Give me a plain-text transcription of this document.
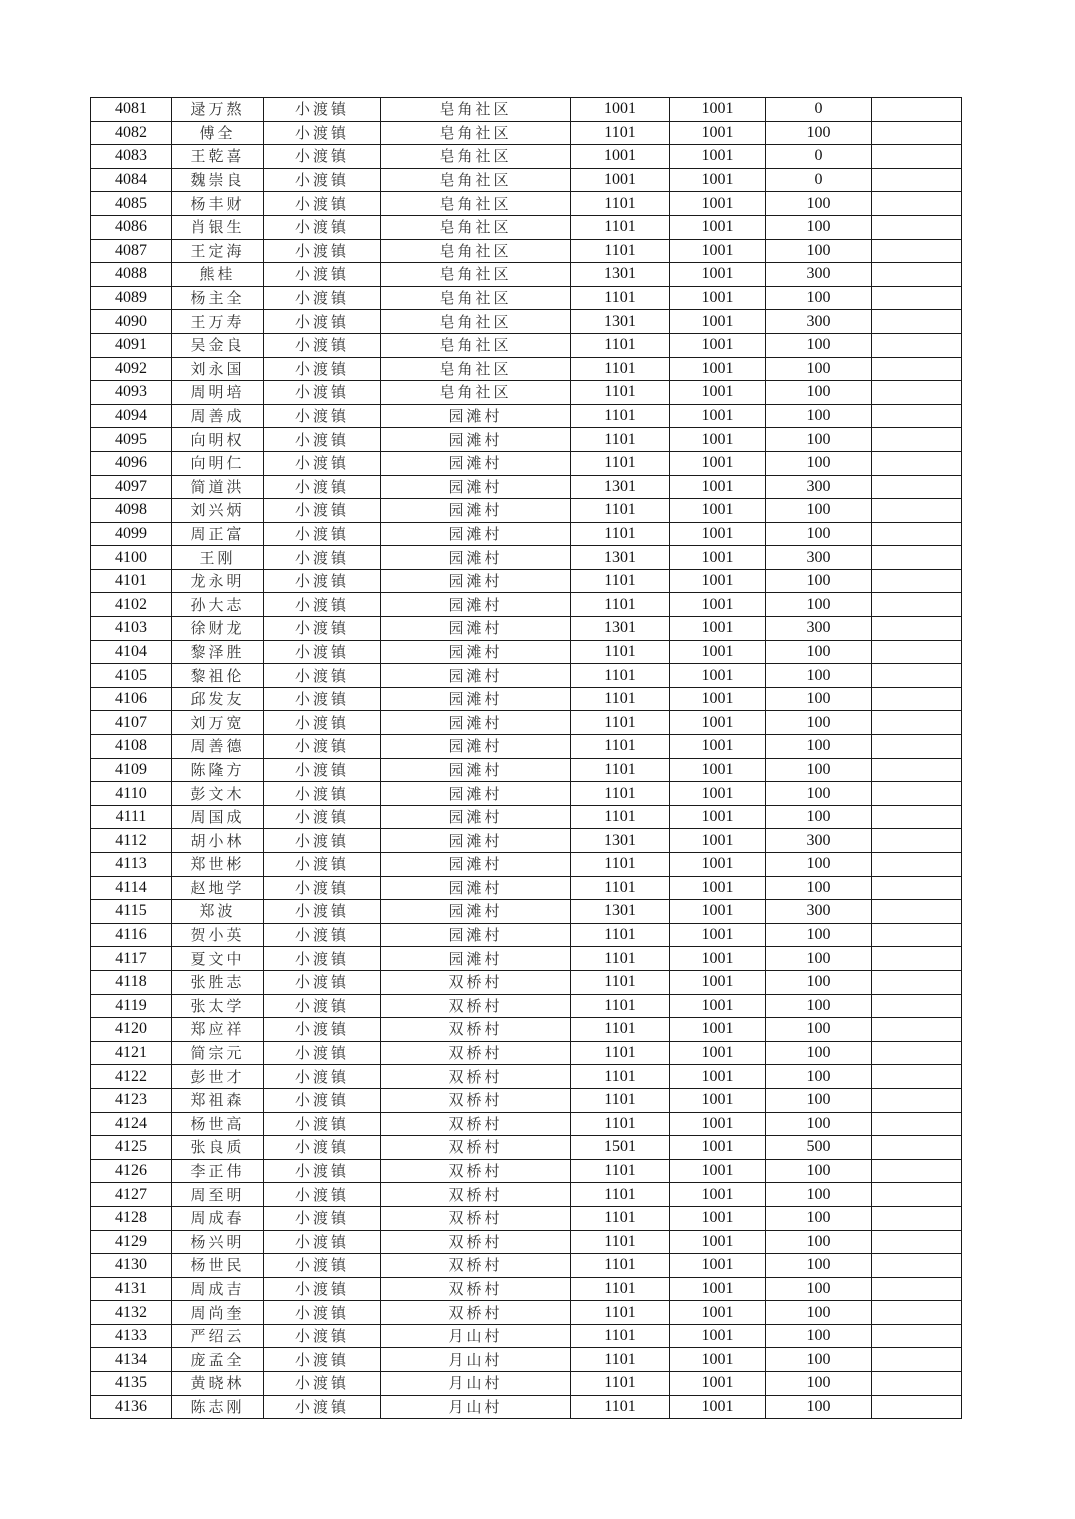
4081	逯万熬	小渡镇	皂角社区	1001	1001	0	
4082	傅全	小渡镇	皂角社区	1101	1001	100	
4083	王乾喜	小渡镇	皂角社区	1001	1001	0	
4084	魏崇良	小渡镇	皂角社区	1001	1001	0	
4085	杨丰财	小渡镇	皂角社区	1101	1001	100	
4086	肖银生	小渡镇	皂角社区	1101	1001	100	
4087	王定海	小渡镇	皂角社区	1101	1001	100	
4088	熊桂	小渡镇	皂角社区	1301	1001	300	
4089	杨主全	小渡镇	皂角社区	1101	1001	100	
4090	王万寿	小渡镇	皂角社区	1301	1001	300	
4091	吴金良	小渡镇	皂角社区	1101	1001	100	
4092	刘永国	小渡镇	皂角社区	1101	1001	100	
4093	周明培	小渡镇	皂角社区	1101	1001	100	
4094	周善成	小渡镇	园滩村	1101	1001	100	
4095	向明权	小渡镇	园滩村	1101	1001	100	
4096	向明仁	小渡镇	园滩村	1101	1001	100	
4097	简道洪	小渡镇	园滩村	1301	1001	300	
4098	刘兴炳	小渡镇	园滩村	1101	1001	100	
4099	周正富	小渡镇	园滩村	1101	1001	100	
4100	王刚	小渡镇	园滩村	1301	1001	300	
4101	龙永明	小渡镇	园滩村	1101	1001	100	
4102	孙大志	小渡镇	园滩村	1101	1001	100	
4103	徐财龙	小渡镇	园滩村	1301	1001	300	
4104	黎泽胜	小渡镇	园滩村	1101	1001	100	
4105	黎祖伦	小渡镇	园滩村	1101	1001	100	
4106	邱发友	小渡镇	园滩村	1101	1001	100	
4107	刘万宽	小渡镇	园滩村	1101	1001	100	
4108	周善德	小渡镇	园滩村	1101	1001	100	
4109	陈隆方	小渡镇	园滩村	1101	1001	100	
4110	彭文木	小渡镇	园滩村	1101	1001	100	
4111	周国成	小渡镇	园滩村	1101	1001	100	
4112	胡小林	小渡镇	园滩村	1301	1001	300	
4113	郑世彬	小渡镇	园滩村	1101	1001	100	
4114	赵地学	小渡镇	园滩村	1101	1001	100	
4115	郑波	小渡镇	园滩村	1301	1001	300	
4116	贺小英	小渡镇	园滩村	1101	1001	100	
4117	夏文中	小渡镇	园滩村	1101	1001	100	
4118	张胜志	小渡镇	双桥村	1101	1001	100	
4119	张太学	小渡镇	双桥村	1101	1001	100	
4120	郑应祥	小渡镇	双桥村	1101	1001	100	
4121	简宗元	小渡镇	双桥村	1101	1001	100	
4122	彭世才	小渡镇	双桥村	1101	1001	100	
4123	郑祖森	小渡镇	双桥村	1101	1001	100	
4124	杨世高	小渡镇	双桥村	1101	1001	100	
4125	张良质	小渡镇	双桥村	1501	1001	500	
4126	李正伟	小渡镇	双桥村	1101	1001	100	
4127	周至明	小渡镇	双桥村	1101	1001	100	
4128	周成春	小渡镇	双桥村	1101	1001	100	
4129	杨兴明	小渡镇	双桥村	1101	1001	100	
4130	杨世民	小渡镇	双桥村	1101	1001	100	
4131	周成吉	小渡镇	双桥村	1101	1001	100	
4132	周尚奎	小渡镇	双桥村	1101	1001	100	
4133	严绍云	小渡镇	月山村	1101	1001	100	
4134	庞孟全	小渡镇	月山村	1101	1001	100	
4135	黄晓林	小渡镇	月山村	1101	1001	100	
4136	陈志刚	小渡镇	月山村	1101	1001	100	
